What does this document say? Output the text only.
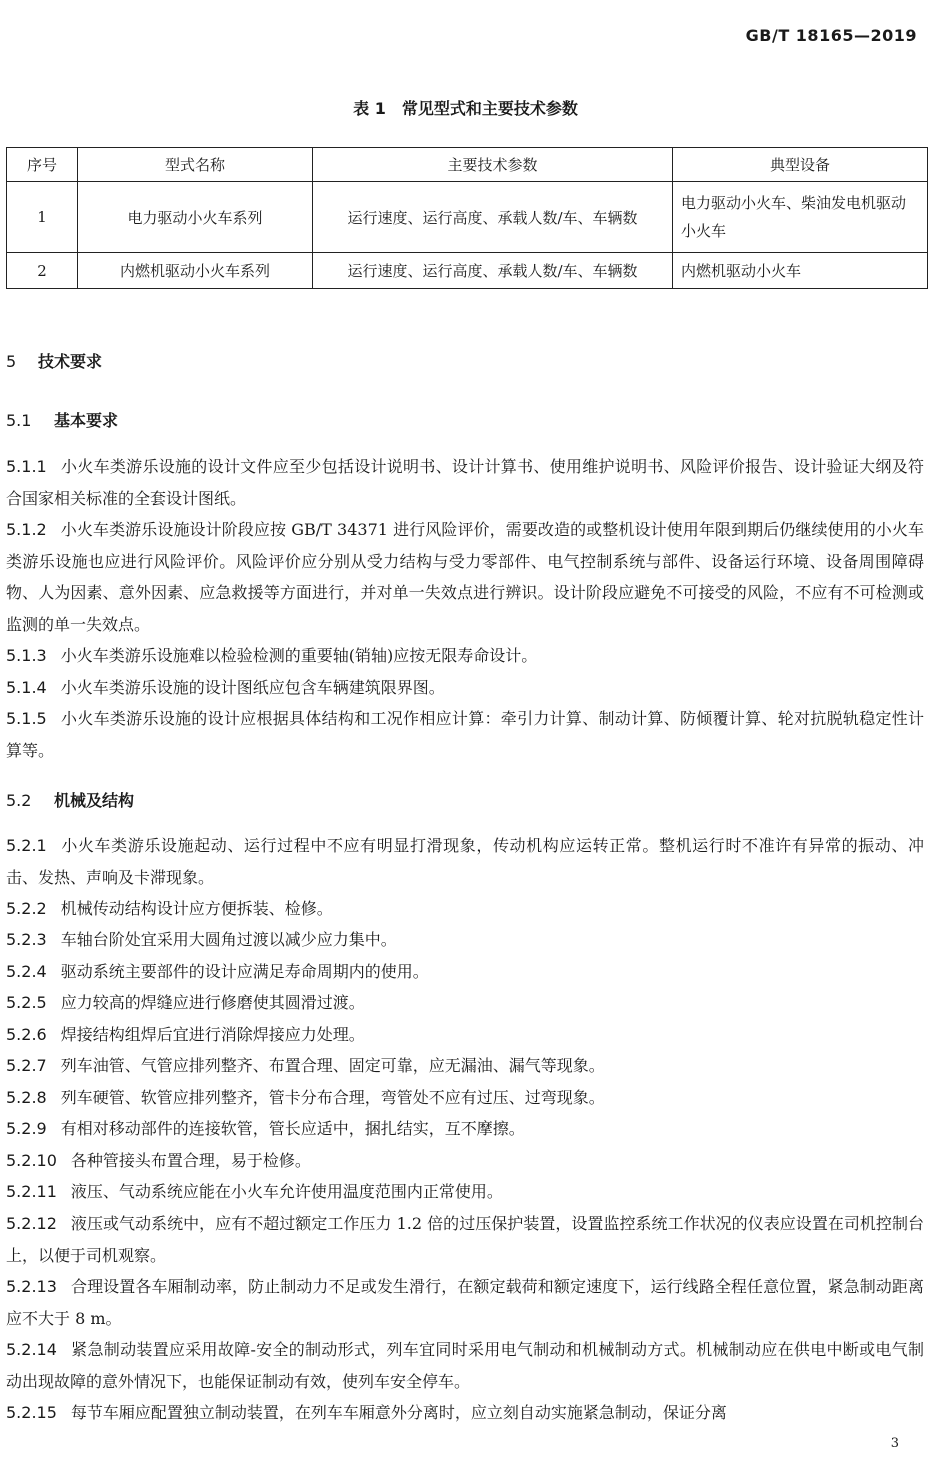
GB/T 18165—2019
表 1　常见型式和主要技术参数
序号	型式名称	主要技术参数	典型设备
1	电力驱动小火车系列	运行速度、运行高度、承载人数/车、车辆数	电力驱动小火车、柴油发电机驱动小火车
2	内燃机驱动小火车系列	运行速度、运行高度、承载人数/车、车辆数	内燃机驱动小火车
5 技术要求
5.1 基本要求
5.1.1 小火车类游乐设施的设计文件应至少包括设计说明书、设计计算书、使用维护说明书、风险评价报告、设计验证大纲及符合国家相关标准的全套设计图纸。
5.1.2 小火车类游乐设施设计阶段应按 GB/T 34371 进行风险评价，需要改造的或整机设计使用年限到期后仍继续使用的小火车类游乐设施也应进行风险评价。风险评价应分别从受力结构与受力零部件、电气控制系统与部件、设备运行环境、设备周围障碍物、人为因素、意外因素、应急救援等方面进行，并对单一失效点进行辨识。设计阶段应避免不可接受的风险，不应有不可检测或监测的单一失效点。
5.1.3 小火车类游乐设施难以检验检测的重要轴(销轴)应按无限寿命设计。
5.1.4 小火车类游乐设施的设计图纸应包含车辆建筑限界图。
5.1.5 小火车类游乐设施的设计应根据具体结构和工况作相应计算：牵引力计算、制动计算、防倾覆计算、轮对抗脱轨稳定性计算等。
5.2 机械及结构
5.2.1 小火车类游乐设施起动、运行过程中不应有明显打滑现象，传动机构应运转正常。整机运行时不准许有异常的振动、冲击、发热、声响及卡滞现象。
5.2.2 机械传动结构设计应方便拆装、检修。
5.2.3 车轴台阶处宜采用大圆角过渡以减少应力集中。
5.2.4 驱动系统主要部件的设计应满足寿命周期内的使用。
5.2.5 应力较高的焊缝应进行修磨使其圆滑过渡。
5.2.6 焊接结构组焊后宜进行消除焊接应力处理。
5.2.7 列车油管、气管应排列整齐、布置合理、固定可靠，应无漏油、漏气等现象。
5.2.8 列车硬管、软管应排列整齐，管卡分布合理，弯管处不应有过压、过弯现象。
5.2.9 有相对移动部件的连接软管，管长应适中，捆扎结实，互不摩擦。
5.2.10 各种管接头布置合理，易于检修。
5.2.11 液压、气动系统应能在小火车允许使用温度范围内正常使用。
5.2.12 液压或气动系统中，应有不超过额定工作压力 1.2 倍的过压保护装置，设置监控系统工作状况的仪表应设置在司机控制台上，以便于司机观察。
5.2.13 合理设置各车厢制动率，防止制动力不足或发生滑行，在额定载荷和额定速度下，运行线路全程任意位置，紧急制动距离应不大于 8 m。
5.2.14 紧急制动装置应采用故障-安全的制动形式，列车宜同时采用电气制动和机械制动方式。机械制动应在供电中断或电气制动出现故障的意外情况下，也能保证制动有效，使列车安全停车。
5.2.15 每节车厢应配置独立制动装置，在列车车厢意外分离时，应立刻自动实施紧急制动，保证分离
3
